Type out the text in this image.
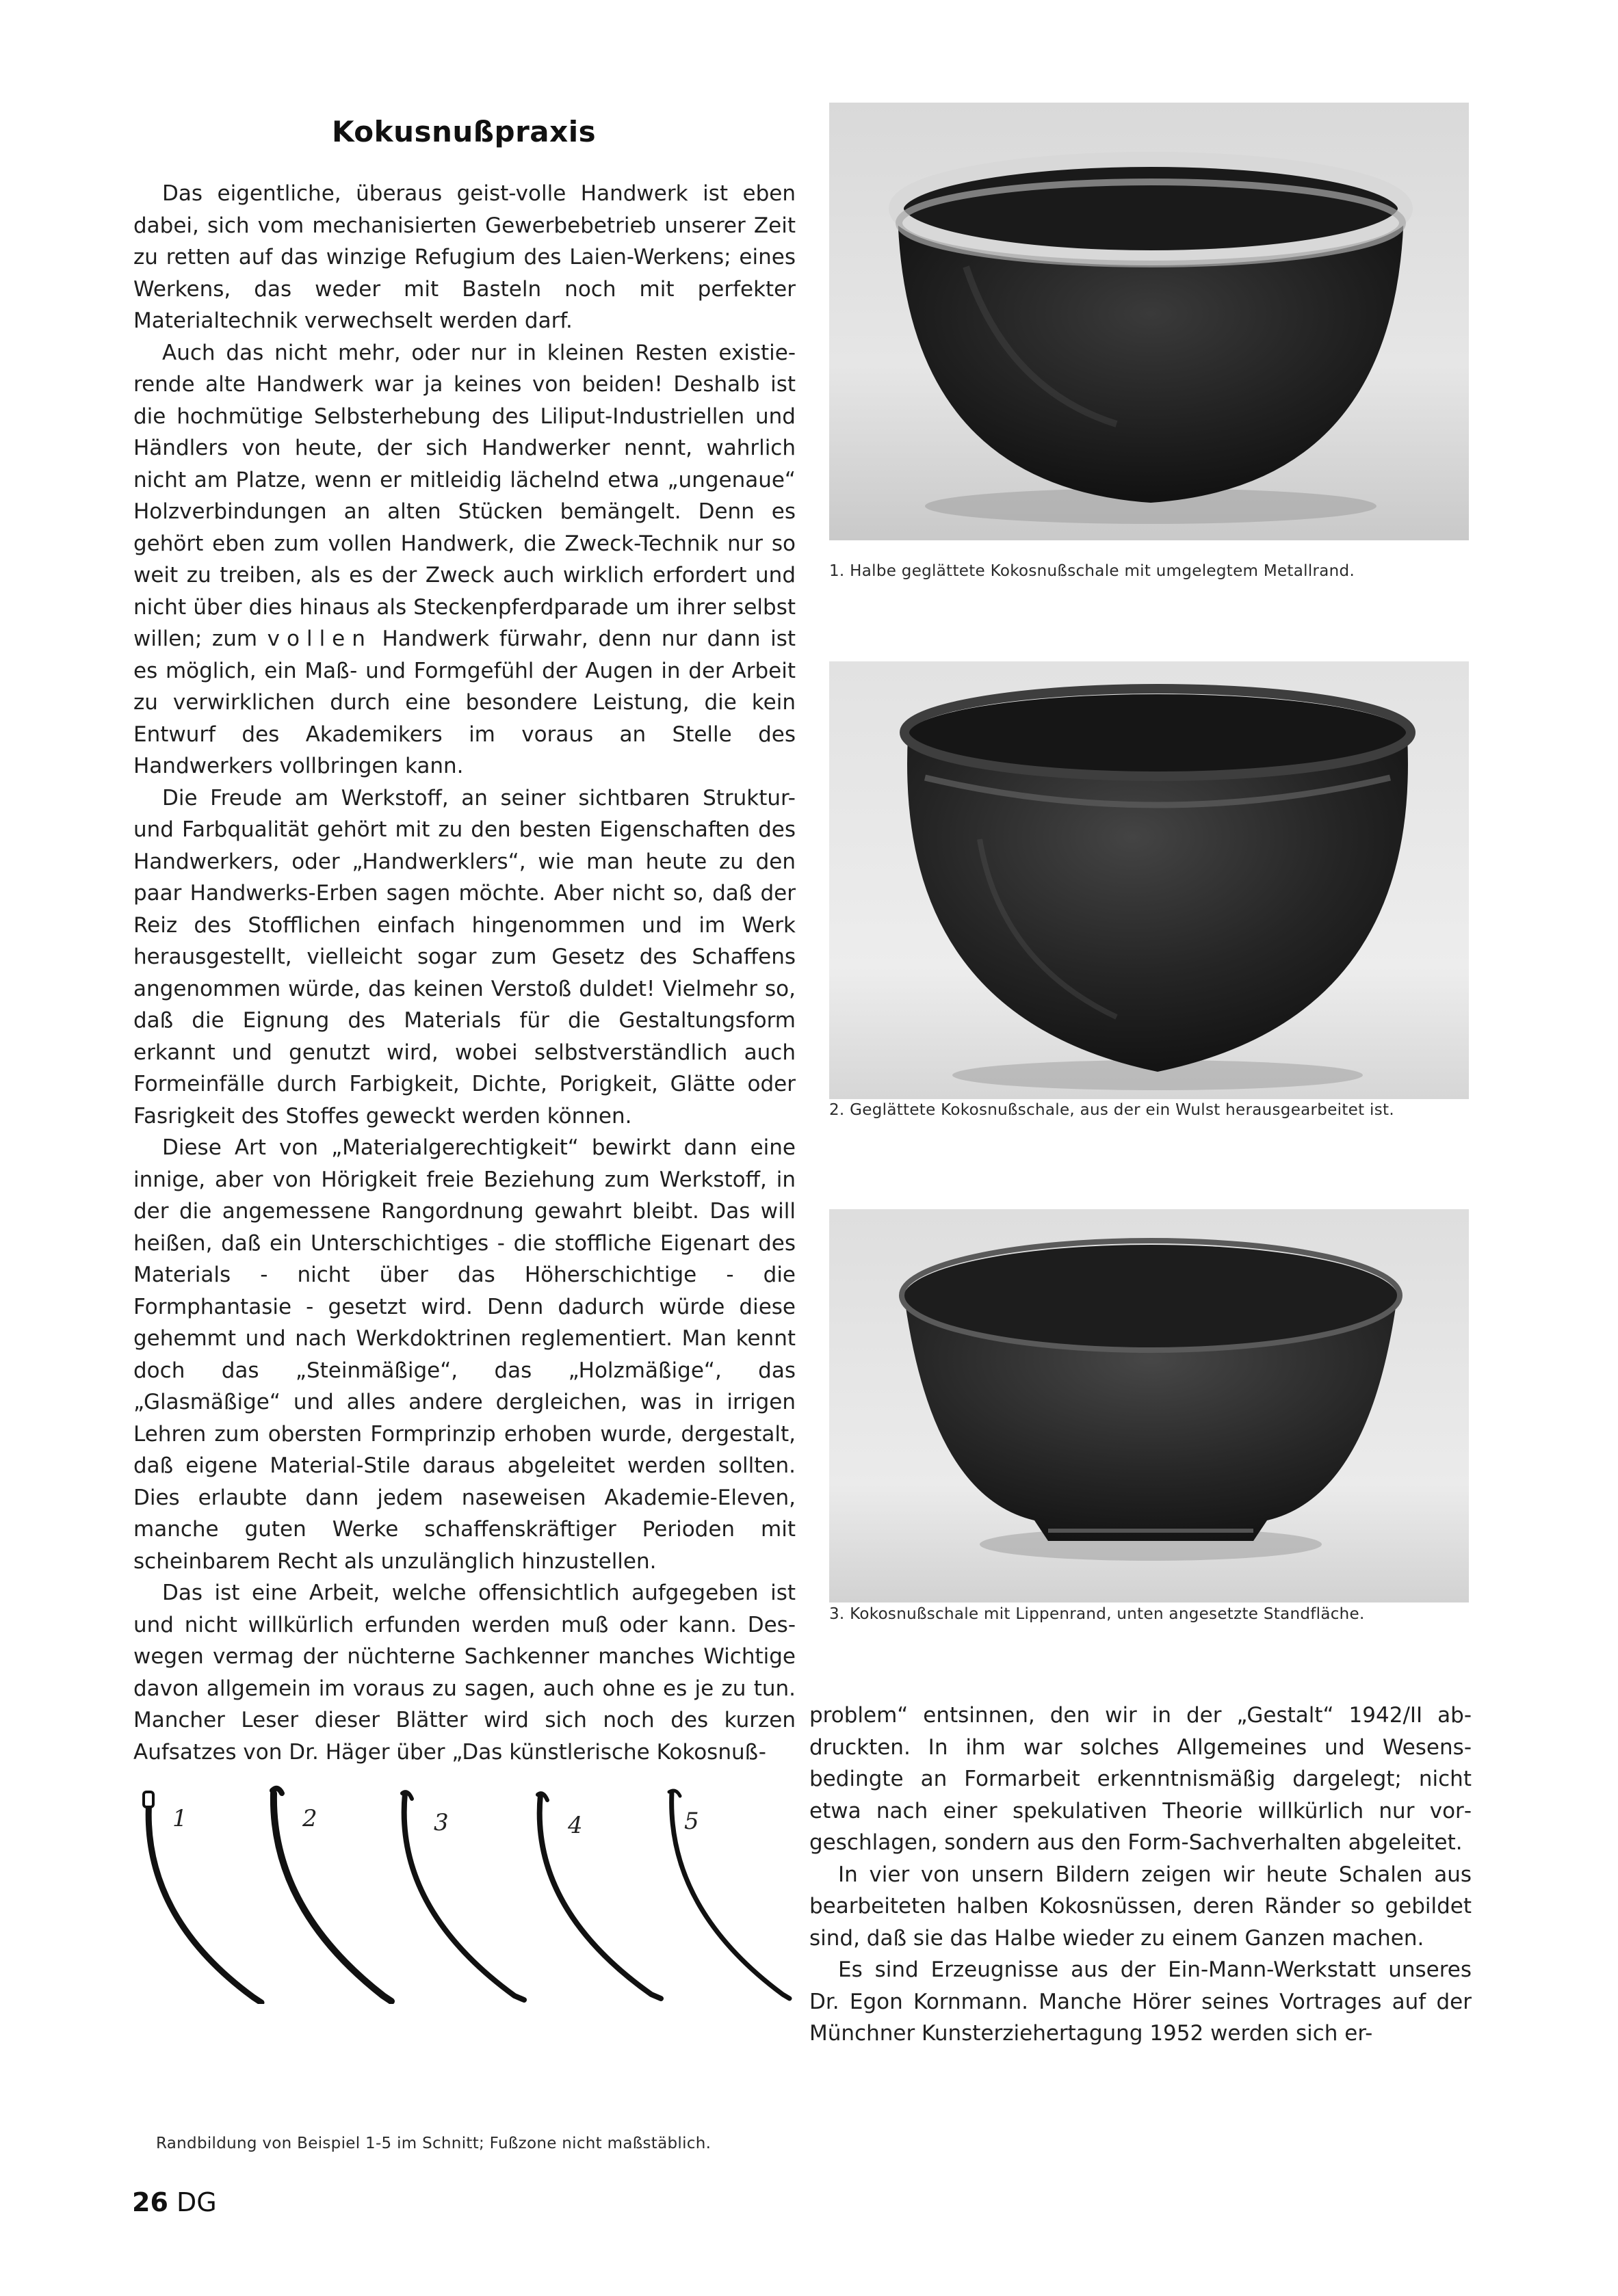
Kokusnußpraxis

Das eigentliche, überaus geist-volle Handwerk ist eben dabei, sich vom mechanisierten Gewerbebetrieb unserer Zeit zu retten auf das winzige Refugium des Laien-Werkens; eines Werkens, das weder mit Basteln noch mit perfekter Materialtechnik verwechselt werden darf.

Auch das nicht mehr, oder nur in kleinen Resten existierende alte Handwerk war ja keines von beiden! Deshalb ist die hochmütige Selbsterhebung des Liliput-Industriellen und Händlers von heute, der sich Handwerker nennt, wahrlich nicht am Platze, wenn er mitleidig lächelnd etwa „ungenaue“ Holzverbindungen an alten Stücken bemängelt. Denn es gehört eben zum vollen Handwerk, die Zweck-Technik nur so weit zu treiben, als es der Zweck auch wirklich erfordert und nicht über dies hinaus als Steckenpferdparade um ihrer selbst willen; zum vollen Handwerk fürwahr, denn nur dann ist es möglich, ein Maß- und Formgefühl der Augen in der Arbeit zu verwirklichen durch eine besondere Leistung, die kein Entwurf des Akademikers im voraus an Stelle des Handwerkers vollbringen kann.

Die Freude am Werkstoff, an seiner sichtbaren Struktur- und Farbqualität gehört mit zu den besten Eigenschaften des Handwerkers, oder „Handwerklers“, wie man heute zu den paar Handwerks-Erben sagen möchte. Aber nicht so, daß der Reiz des Stofflichen einfach hingenommen und im Werk herausgestellt, vielleicht sogar zum Gesetz des Schaffens angenommen würde, das keinen Verstoß duldet! Vielmehr so, daß die Eignung des Materials für die Gestaltungsform erkannt und genutzt wird, wobei selbstverständlich auch Formeinfälle durch Farbigkeit, Dichte, Porigkeit, Glätte oder Fasrigkeit des Stoffes geweckt werden können.

Diese Art von „Materialgerechtigkeit“ bewirkt dann eine innige, aber von Hörigkeit freie Beziehung zum Werkstoff, in der die angemessene Rangordnung gewahrt bleibt. Das will heißen, daß ein Unterschichtiges - die stoffliche Eigenart des Materials - nicht über das Höherschichtige - die Formphantasie - gesetzt wird. Denn dadurch würde diese gehemmt und nach Werkdoktrinen reglementiert. Man kennt doch das „Steinmäßige“, das „Holzmäßige“, das „Glasmäßige“ und alles andere dergleichen, was in irrigen Lehren zum obersten Formprinzip erhoben wurde, dergestalt, daß eigene Material-Stile daraus abgeleitet werden sollten. Dies erlaubte dann jedem naseweisen Akademie-Eleven, manche guten Werke schaffenskräftiger Perioden mit scheinbarem Recht als unzulänglich hinzustellen.

Das ist eine Arbeit, welche offensichtlich aufgegeben ist und nicht willkürlich erfunden werden muß oder kann. Deswegen vermag der nüchterne Sachkenner manches Wichtige davon allgemein im voraus zu sagen, auch ohne es je zu tun. Mancher Leser dieser Blätter wird sich noch des kurzen Aufsatzes von Dr. Häger über „Das künstlerische Kokosnuß-

1. Halbe geglättete Kokosnußschale mit umgelegtem Metallrand.
2. Geglättete Kokosnußschale, aus der ein Wulst herausgearbeitet ist.
3. Kokosnußschale mit Lippenrand, unten angesetzte Standfläche.
1	2	3	4	5
Randbildung von Beispiel 1-5 im Schnitt; Fußzone nicht maßstäblich.

problem“ entsinnen, den wir in der „Gestalt“ 1942/II abdruckten. In ihm war solches Allgemeines und Wesensbedingte an Formarbeit erkenntnismäßig dargelegt; nicht etwa nach einer spekulativen Theorie willkürlich nur vorgeschlagen, sondern aus den Form-Sachverhalten abgeleitet.

In vier von unsern Bildern zeigen wir heute Schalen aus bearbeiteten halben Kokosnüssen, deren Ränder so gebildet sind, daß sie das Halbe wieder zu einem Ganzen machen.

Es sind Erzeugnisse aus der Ein-Mann-Werkstatt unseres Dr. Egon Kornmann. Manche Hörer seines Vortrages auf der Münchner Kunsterziehertagung 1952 werden sich er-

26 DG
